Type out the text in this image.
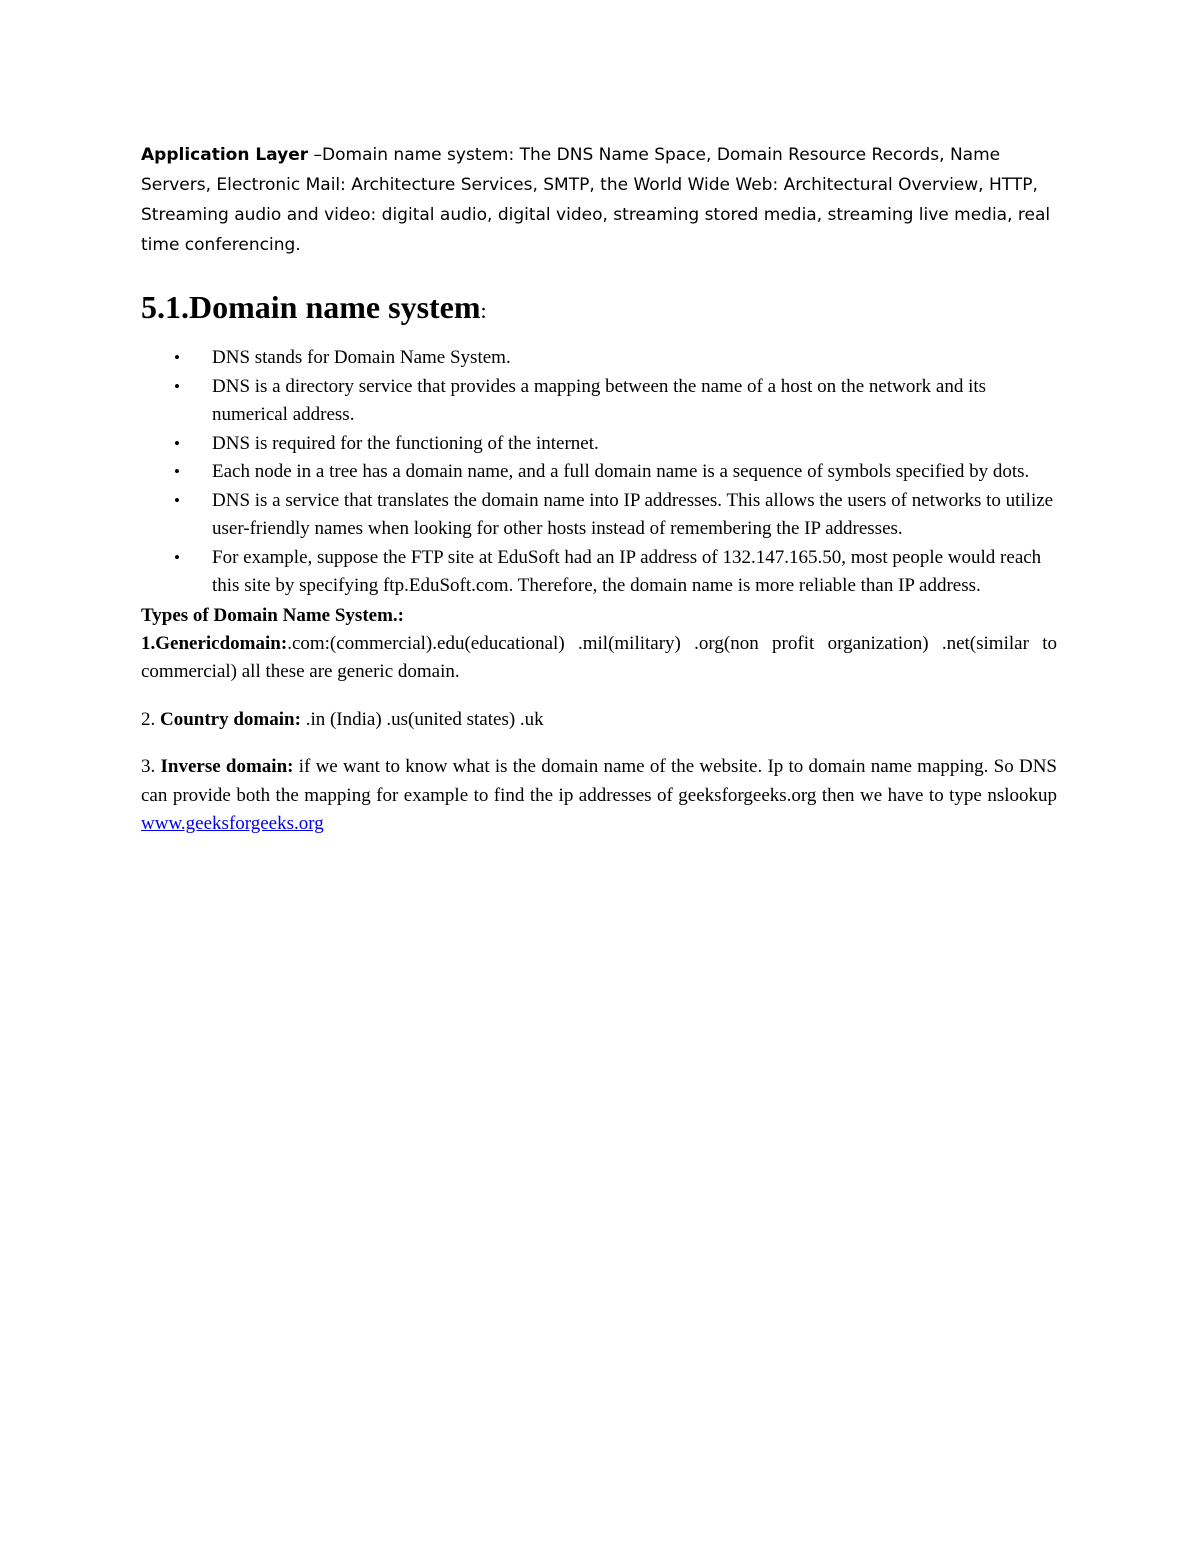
Application Layer –Domain name system: The DNS Name Space, Domain Resource Records, Name Servers, Electronic Mail: Architecture Services, SMTP, the World Wide Web: Architectural Overview, HTTP, Streaming audio and video: digital audio, digital video, streaming stored media, streaming live media, real time conferencing.

5.1.Domain name system:
• DNS stands for Domain Name System.
• DNS is a directory service that provides a mapping between the name of a host on the network and its numerical address.
• DNS is required for the functioning of the internet.
• Each node in a tree has a domain name, and a full domain name is a sequence of symbols specified by dots.
• DNS is a service that translates the domain name into IP addresses. This allows the users of networks to utilize user-friendly names when looking for other hosts instead of remembering the IP addresses.
• For example, suppose the FTP site at EduSoft had an IP address of 132.147.165.50, most people would reach this site by specifying ftp.EduSoft.com. Therefore, the domain name is more reliable than IP address.

Types of Domain Name System.:

1.Genericdomain:.com:(commercial).edu(educational) .mil(military) .org(non profit organization) .net(similar to commercial) all these are generic domain.

2. Country domain: .in (India) .us(united states) .uk

3. Inverse domain: if we want to know what is the domain name of the website. Ip to domain name mapping. So DNS can provide both the mapping for example to find the ip addresses of geeksforgeeks.org then we have to type nslookup www.geeksforgeeks.org
